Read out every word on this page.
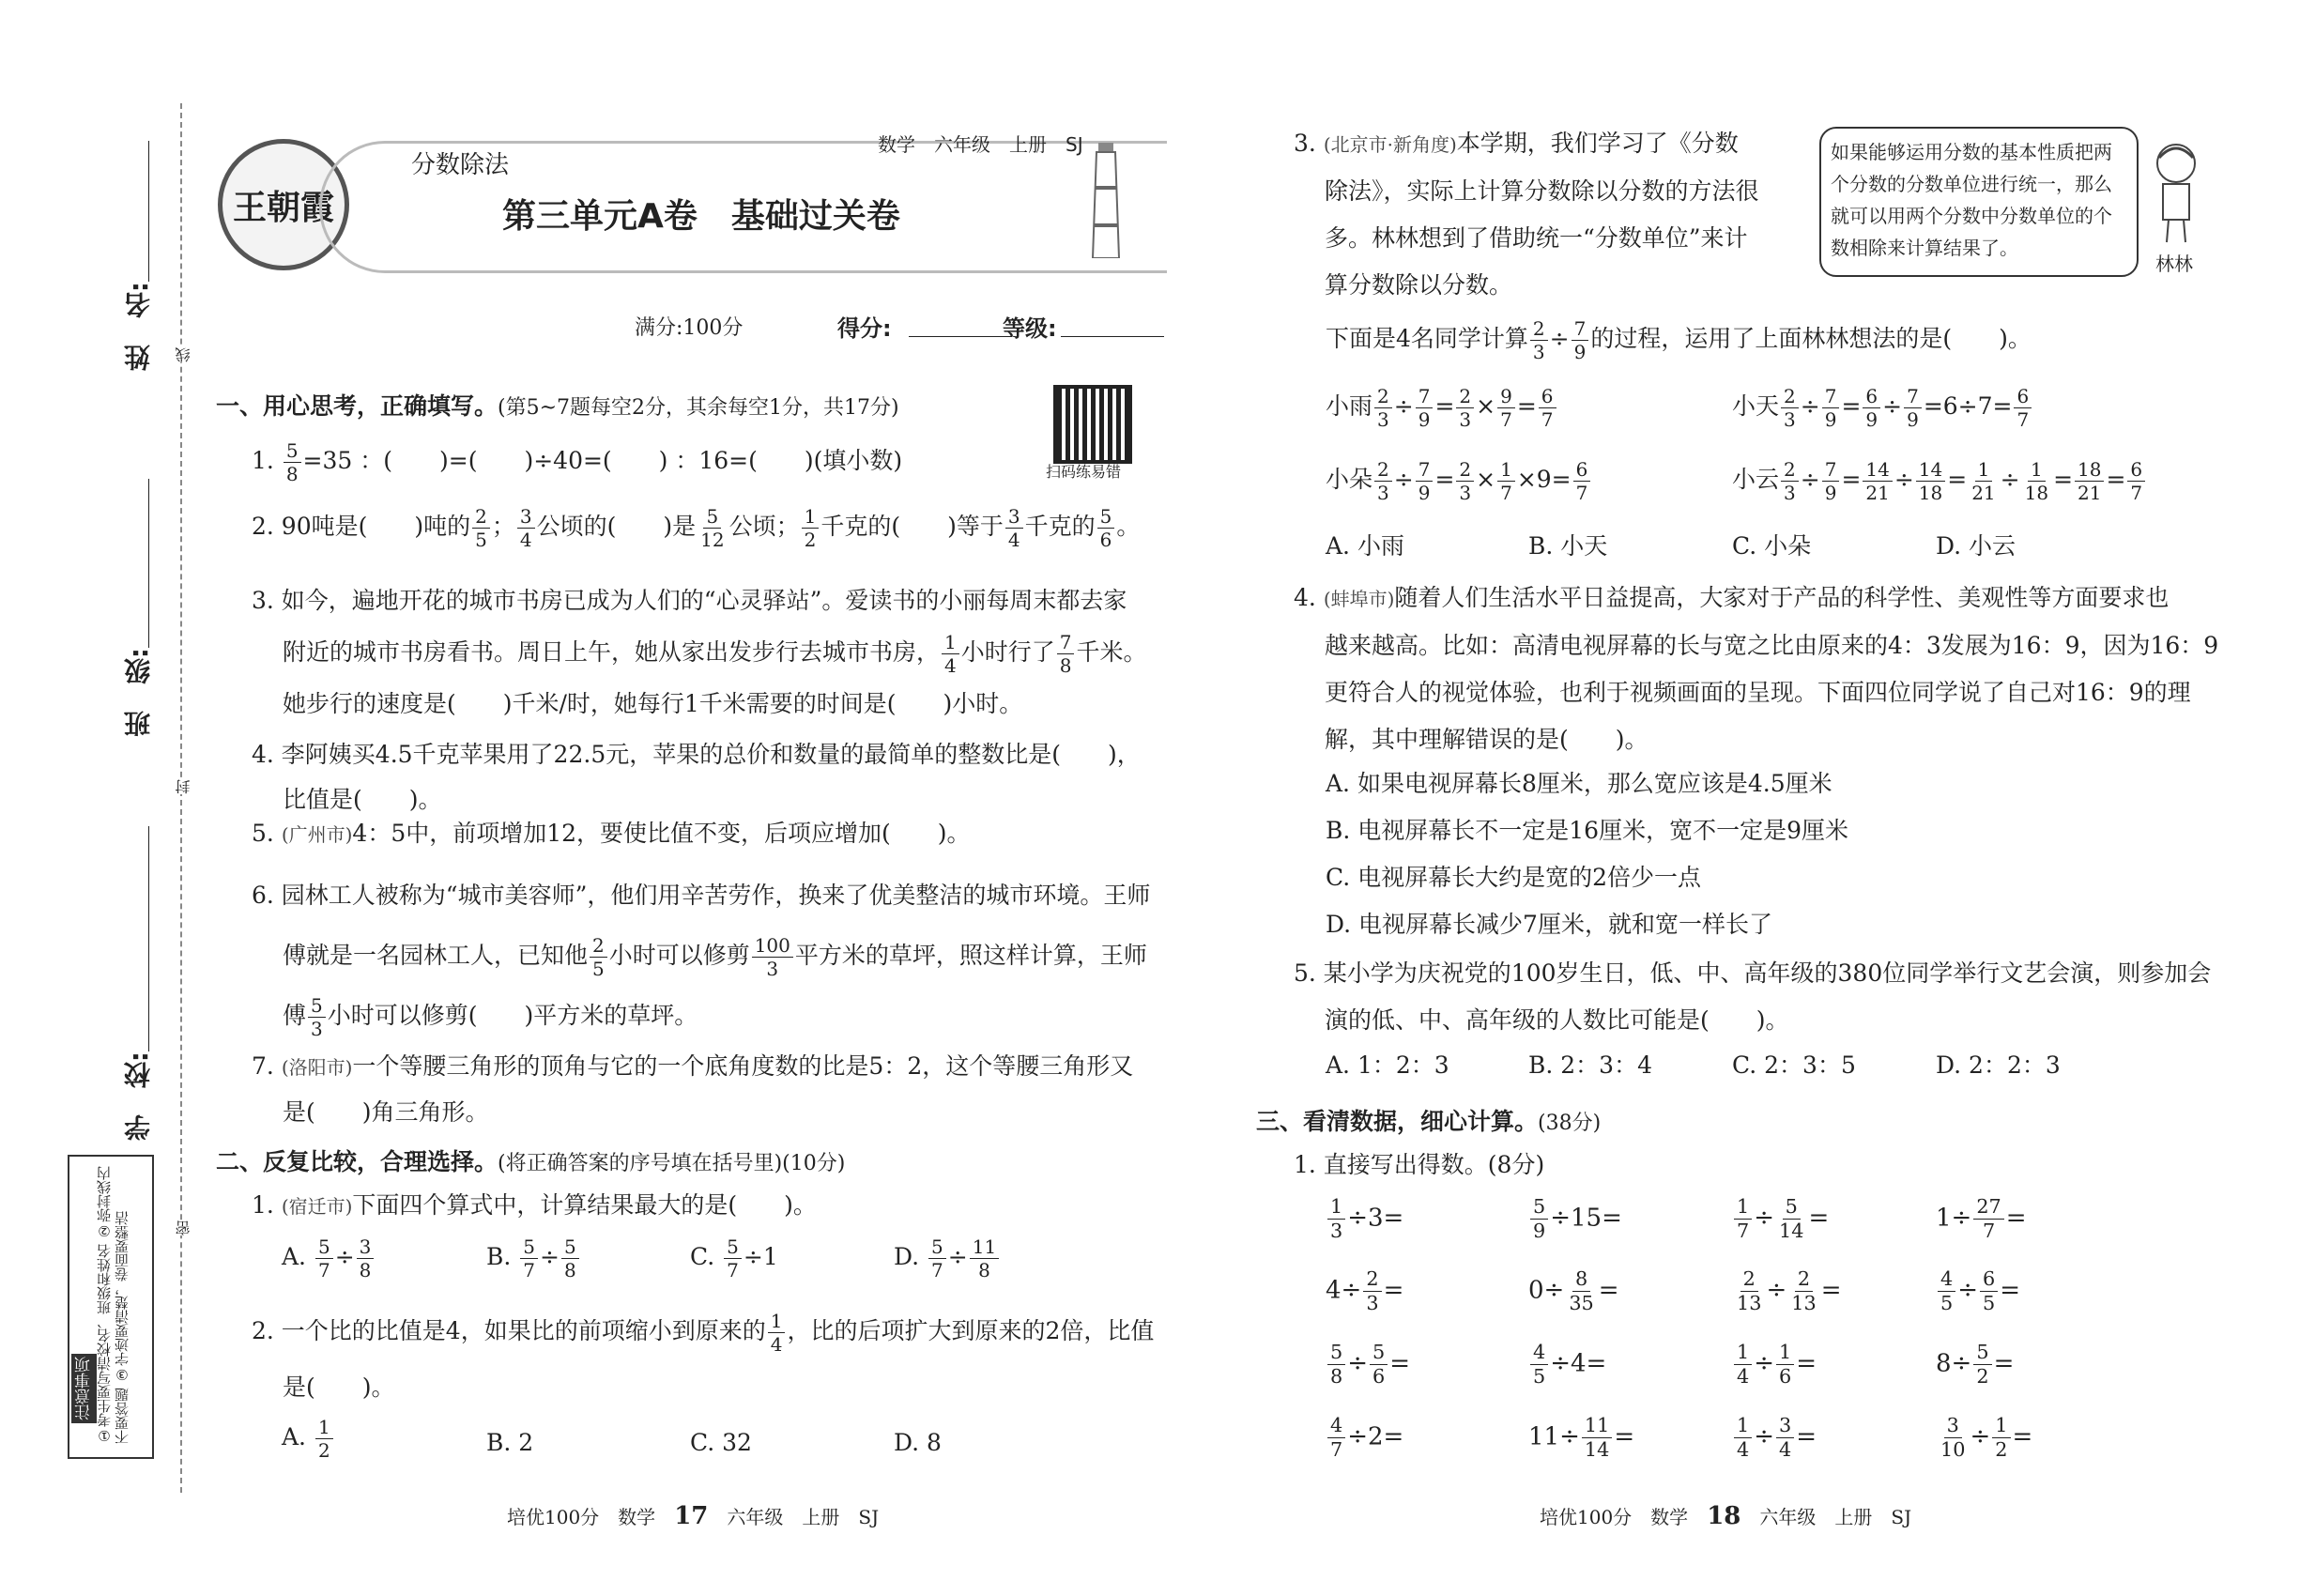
姓　名:
班　级:
学　校:
线
封
密
注意事项 ①考生要写清校名、班级和姓名 ②弥封线内不要答题 ③字迹要清楚，卷面要整洁
王朝霞
分数除法
数学　六年级　上册　SJ
第三单元A卷　基础过关卷
满分:100分	得分:	等级:
扫码练易错
一、用心思考，正确填写。(第5~7题每空2分，其余每空1分，共17分)
1. $\frac{5}{8} =35$ ：(　　)=(　　)÷40=(　　) ：16=(　　)(填小数)
2. 90吨是(　　)吨的 $\frac{2}{5}$ ； $\frac{3}{4}$ 公顷的(　　)是 $\frac{5}{12}$ 公顷； $\frac{1}{2}$ 千克的(　　)等于 $\frac{3}{4}$ 千克的 $\frac{5}{6}$ 。
3. 如今，遍地开花的城市书房已成为人们的“心灵驿站”。爱读书的小丽每周末都去家
　 附近的城市书房看书。周日上午，她从家出发步行去城市书房， $\frac{1}{4}$ 小时行了 $\frac{7}{8}$ 千米。
　 她步行的速度是(　　)千米/时，她每行1千米需要的时间是(　　)小时。
4. 李阿姨买4.5千克苹果用了22.5元，苹果的总价和数量的最简单的整数比是(　　)，
　 比值是(　　)。
5. (广州市)4：5中，前项增加12，要使比值不变，后项应增加(　　)。
6. 园林工人被称为“城市美容师”，他们用辛苦劳作，换来了优美整洁的城市环境。王师
　 傅就是一名园林工人，已知他 $\frac{2}{5}$ 小时可以修剪 $\frac{100}{3}$ 平方米的草坪，照这样计算，王师
　 傅 $\frac{5}{3}$ 小时可以修剪(　　)平方米的草坪。
7. (洛阳市)一个等腰三角形的顶角与它的一个底角度数的比是5：2，这个等腰三角形又
　 是(　　)角三角形。
二、反复比较，合理选择。(将正确答案的序号填在括号里)(10分)
1. (宿迁市)下面四个算式中，计算结果最大的是(　　)。
A. $\frac{5}{7} \div \frac{3}{8}$	B. $\frac{5}{7} \div \frac{5}{8}$	C. $\frac{5}{7} \div 1$	D. $\frac{5}{7} \div \frac{11}{8}$
2. 一个比的比值是4，如果比的前项缩小到原来的 $\frac{1}{4}$ ，比的后项扩大到原来的2倍，比值
　 是(　　)。
A. $\frac{1}{2}$	B. 2	C. 32	D. 8
培优100分　数学　 17　 六年级　上册　SJ
3. (北京市·新角度)本学期，我们学习了《分数
　 除法》，实际上计算分数除以分数的方法很
　 多。林林想到了借助统一“分数单位”来计
　 算分数除以分数。
如果能够运用分数的基本性质把两个分数的分数单位进行统一，那么就可以用两个分数中分数单位的个数相除来计算结果了。
林林
下面是4名同学计算 $\frac{2}{3} \div \frac{7}{9}$ 的过程，运用了上面林林想法的是(　　)。
小雨 $\frac{2}{3} \div \frac{7}{9} = \frac{2}{3} \times \frac{9}{7} = \frac{6}{7}$	小天 $\frac{2}{3} \div \frac{7}{9} = \frac{6}{9} \div \frac{7}{9} =6\div 7= \frac{6}{7}$
小朵 $\frac{2}{3} \div \frac{7}{9} = \frac{2}{3} \times \frac{1}{7} \times 9= \frac{6}{7}$	小云 $\frac{2}{3} \div \frac{7}{9} = \frac{14}{21} \div \frac{14}{18} = \frac{1}{21} \div \frac{1}{18} = \frac{18}{21} = \frac{6}{7}$
A. 小雨	B. 小天	C. 小朵	D. 小云
4. (蚌埠市)随着人们生活水平日益提高，大家对于产品的科学性、美观性等方面要求也
　 越来越高。比如：高清电视屏幕的长与宽之比由原来的4：3发展为16：9，因为16：9
　 更符合人的视觉体验，也利于视频画面的呈现。下面四位同学说了自己对16：9的理
　 解，其中理解错误的是(　　)。
A. 如果电视屏幕长8厘米，那么宽应该是4.5厘米
B. 电视屏幕长不一定是16厘米，宽不一定是9厘米
C. 电视屏幕长大约是宽的2倍少一点
D. 电视屏幕长减少7厘米，就和宽一样长了
5. 某小学为庆祝党的100岁生日，低、中、高年级的380位同学举行文艺会演，则参加会
　 演的低、中、高年级的人数比可能是(　　)。
A. 1：2：3	B. 2：3：4	C. 2：3：5	D. 2：2：3
三、看清数据，细心计算。(38分)
1. 直接写出得数。(8分)
$\frac{1}{3} \div 3=$	$\frac{5}{9} \div 15=$	$\frac{1}{7} \div \frac{5}{14}$ =	$1\div \frac{27}{7}$ =
$4\div \frac{2}{3}$ =	$0\div \frac{8}{35}$ =	$\frac{2}{13} \div \frac{2}{13}$ =	$\frac{4}{5} \div \frac{6}{5}$ =
$\frac{5}{8} \div \frac{5}{6}$ =	$\frac{4}{5} \div 4=$	$\frac{1}{4} \div \frac{1}{6}$ =	$8\div \frac{5}{2}$ =
$\frac{4}{7} \div 2=$	$11\div \frac{11}{14}$ =	$\frac{1}{4} \div \frac{3}{4}$ =	$\frac{3}{10} \div \frac{1}{2}$ =
培优100分　数学　 18　 六年级　上册　SJ
